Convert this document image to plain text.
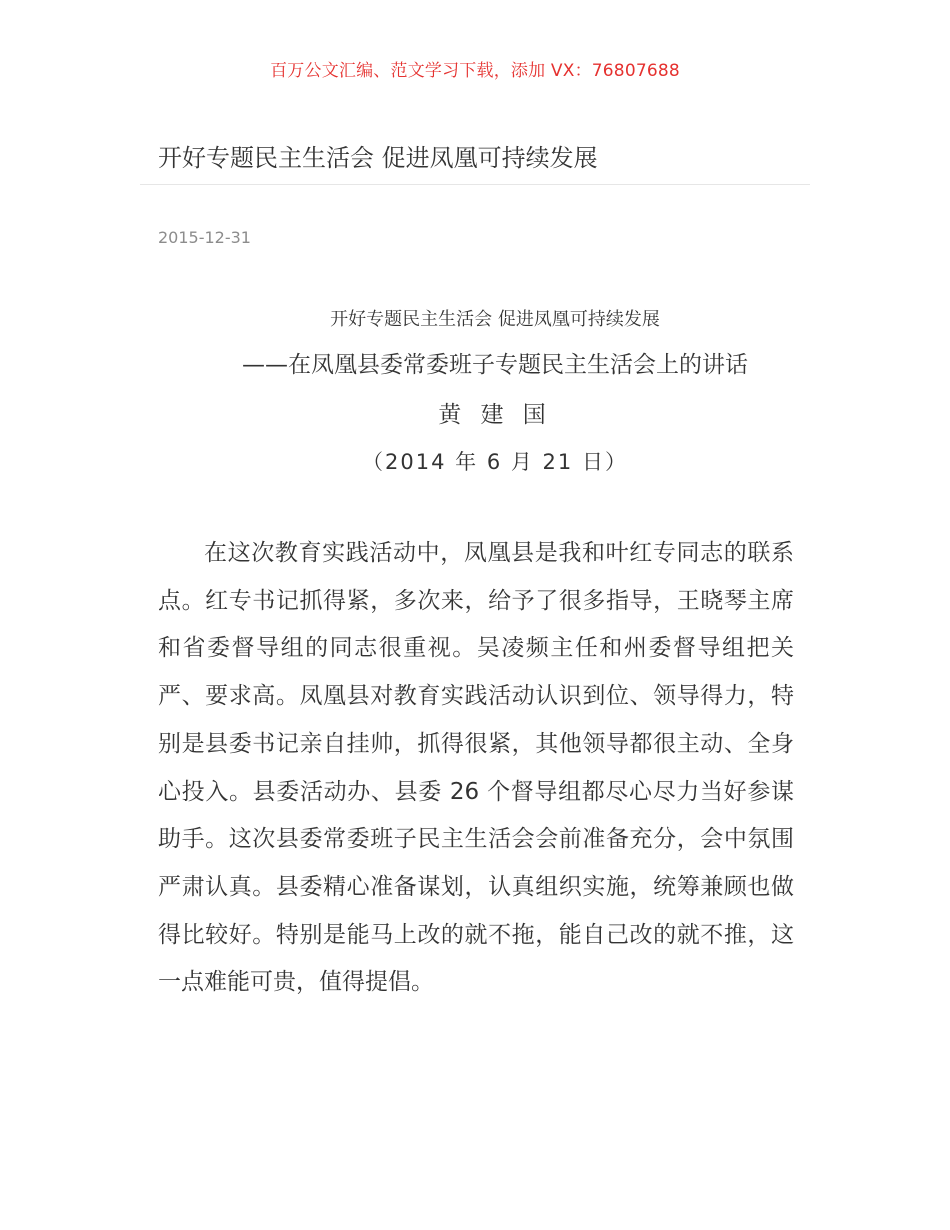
百万公文汇编、范文学习下载，添加 VX：76807688
开好专题民主生活会 促进凤凰可持续发展
2015-12-31
开好专题民主生活会 促进凤凰可持续发展
——在凤凰县委常委班子专题民主生活会上的讲话
黄 建 国
（2014 年 6 月 21 日）

在这次教育实践活动中，凤凰县是我和叶红专同志的联系点。红专书记抓得紧，多次来，给予了很多指导，王晓琴主席和省委督导组的同志很重视。吴凌频主任和州委督导组把关严、要求高。凤凰县对教育实践活动认识到位、领导得力，特别是县委书记亲自挂帅，抓得很紧，其他领导都很主动、全身心投入。县委活动办、县委 26 个督导组都尽心尽力当好参谋助手。这次县委常委班子民主生活会会前准备充分，会中氛围严肃认真。县委精心准备谋划，认真组织实施，统筹兼顾也做得比较好。特别是能马上改的就不拖，能自己改的就不推，这一点难能可贵，值得提倡。
